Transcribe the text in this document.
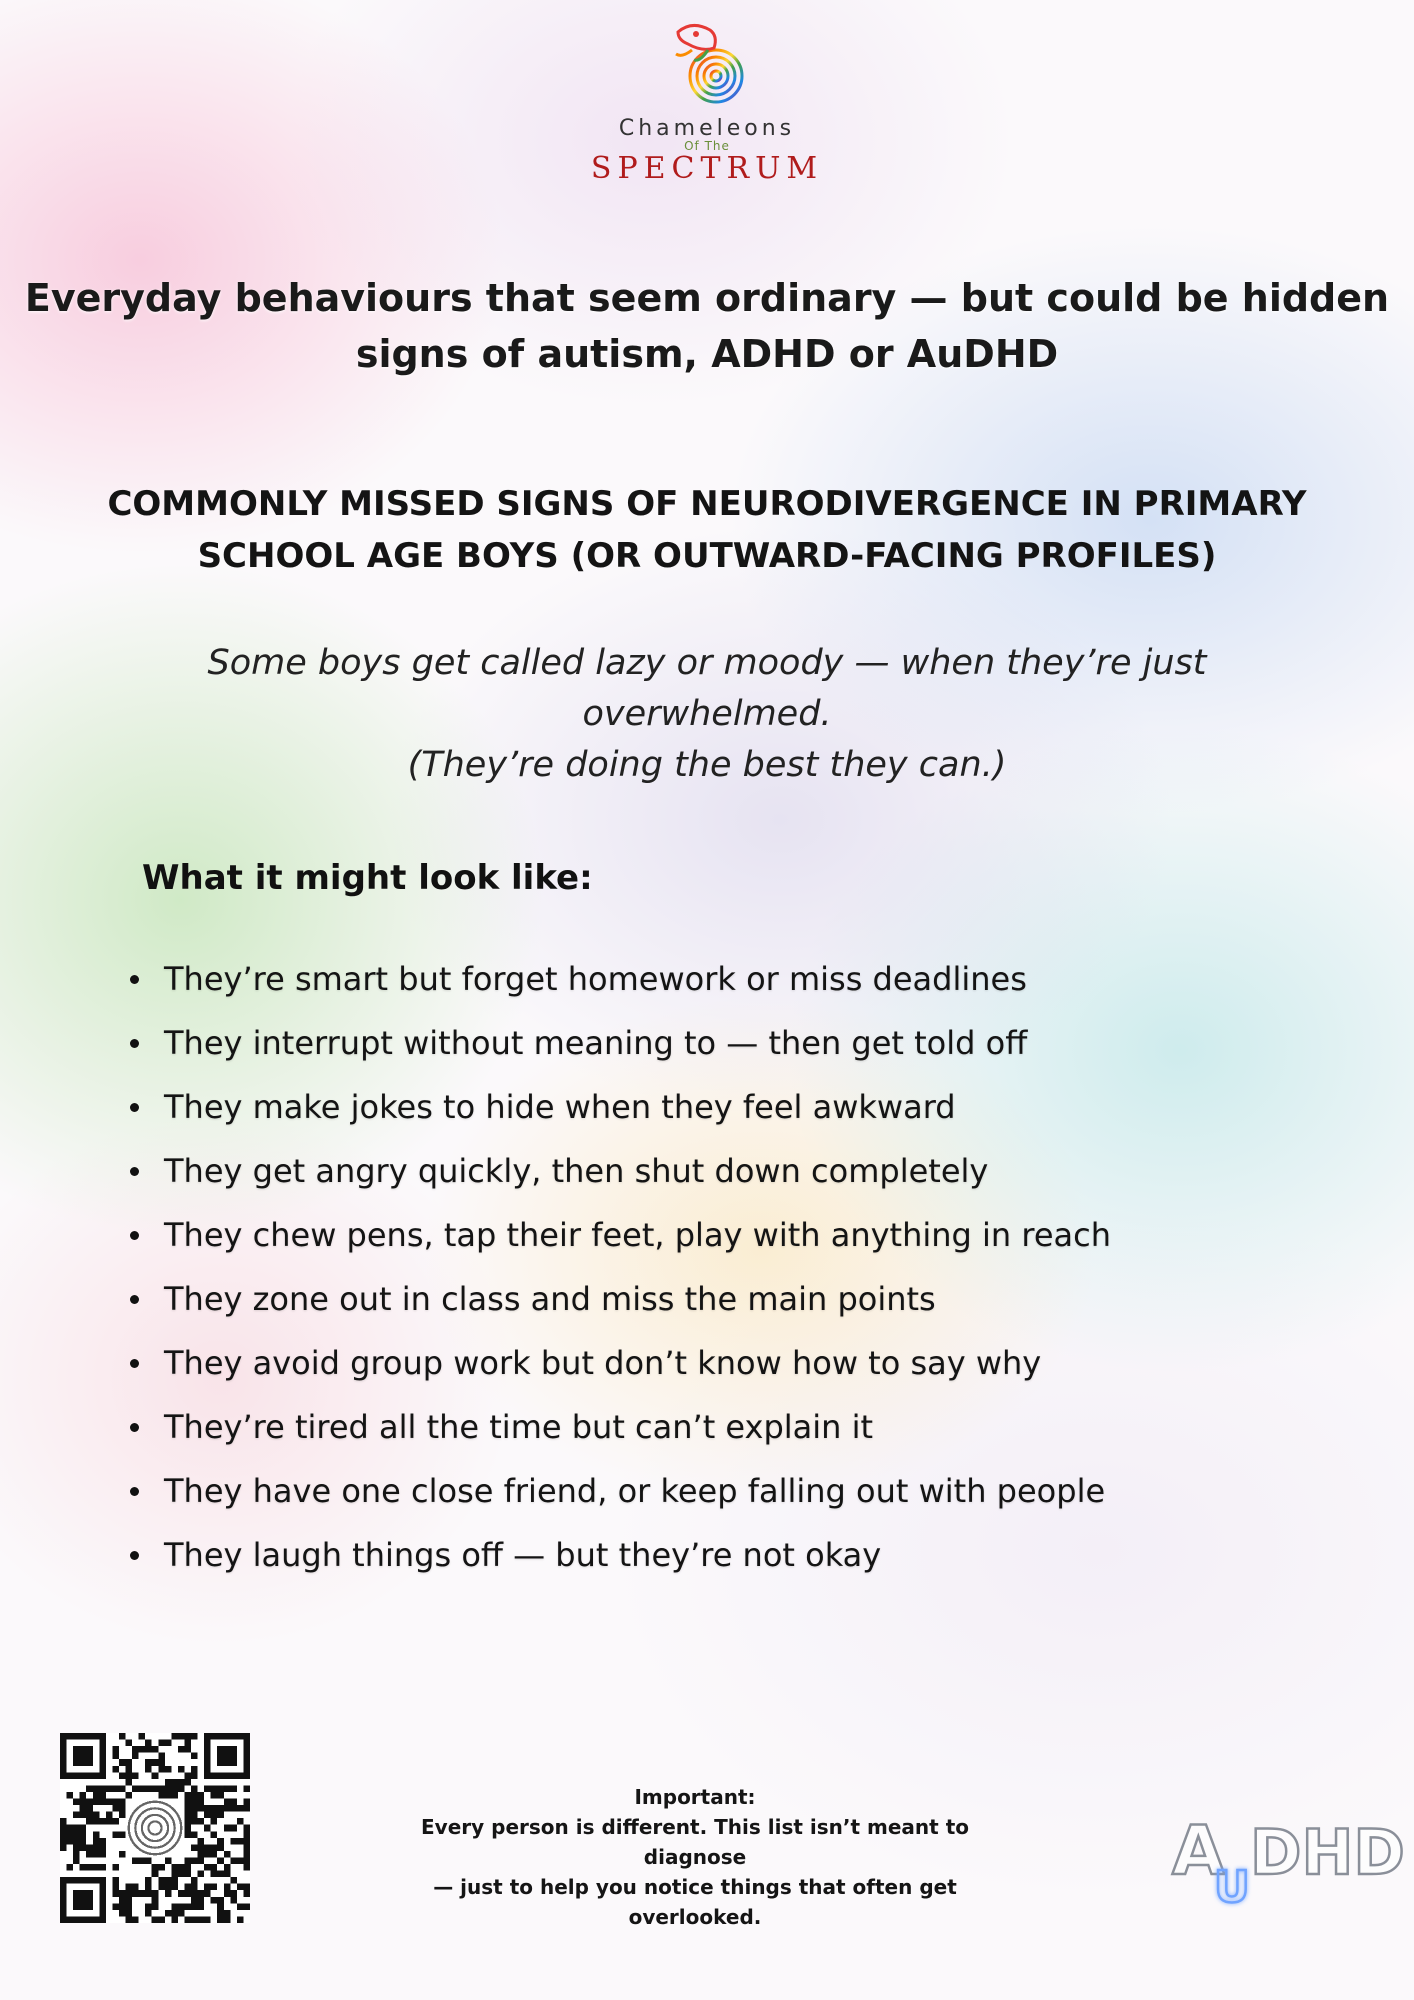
Chameleons
Of The
SPECTRUM
Everyday behaviours that seem ordinary — but could be hidden
signs of autism, ADHD or AuDHD
COMMONLY MISSED SIGNS OF NEURODIVERGENCE IN PRIMARY
SCHOOL AGE BOYS (OR OUTWARD-FACING PROFILES)
Some boys get called lazy or moody — when they’re just
overwhelmed.
(They’re doing the best they can.)
What it might look like:
They’re smart but forget homework or miss deadlines
They interrupt without meaning to — then get told off
They make jokes to hide when they feel awkward
They get angry quickly, then shut down completely
They chew pens, tap their feet, play with anything in reach
They zone out in class and miss the main points
They avoid group work but don’t know how to say why
They’re tired all the time but can’t explain it
They have one close friend, or keep falling out with people
They laugh things off — but they’re not okay
Important:
Every person is different. This list isn’t meant to diagnose
— just to help you notice things that often get
overlooked.
A
U DHD
